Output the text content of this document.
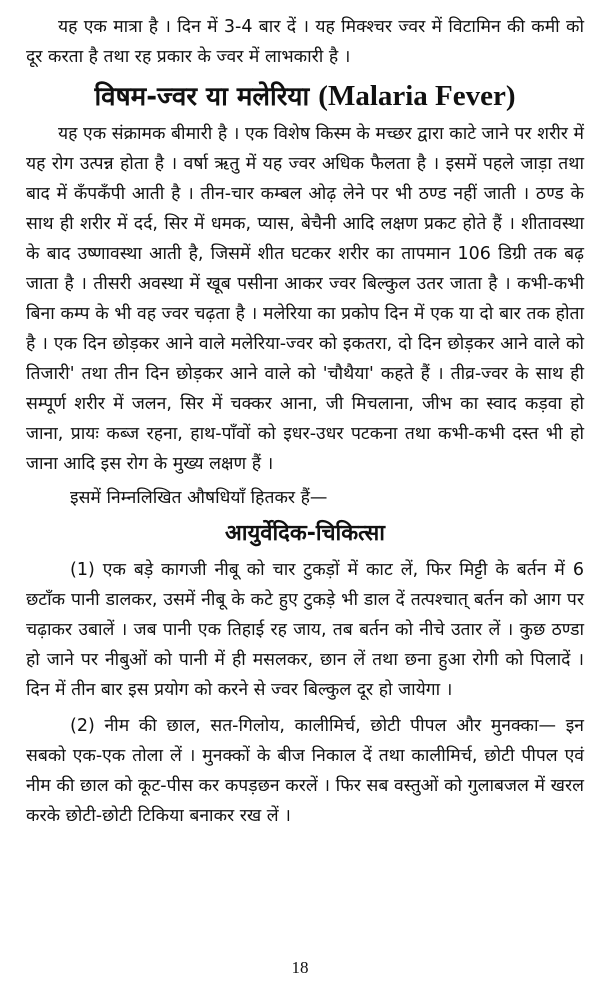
यह एक मात्रा है । दिन में 3-4 बार दें । यह मिक्श्चर ज्वर में विटामिन की कमी को दूर करता है तथा रह प्रकार के ज्वर में लाभकारी है ।

विषम-ज्वर या मलेरिया (Malaria Fever)

यह एक संक्रामक बीमारी है । एक विशेष किस्म के मच्छर द्वारा काटे जाने पर शरीर में यह रोग उत्पन्न होता है । वर्षा ऋतु में यह ज्वर अधिक फैलता है । इसमें पहले जाड़ा तथा बाद में कँपकँपी आती है । तीन-चार कम्बल ओढ़ लेने पर भी ठण्ड नहीं जाती । ठण्ड के साथ ही शरीर में दर्द, सिर में धमक, प्यास, बेचैनी आदि लक्षण प्रकट होते हैं । शीतावस्था के बाद उष्णावस्था आती है, जिसमें शीत घटकर शरीर का तापमान 106 डिग्री तक बढ़ जाता है । तीसरी अवस्था में खूब पसीना आकर ज्वर बिल्कुल उतर जाता है । कभी-कभी बिना कम्प के भी वह ज्वर चढ़ता है । मलेरिया का प्रकोप दिन में एक या दो बार तक होता है । एक दिन छोड़कर आने वाले मलेरिया-ज्वर को इकतरा, दो दिन छोड़कर आने वाले को तिजारी' तथा तीन दिन छोड़कर आने वाले को 'चौथैया' कहते हैं । तीव्र-ज्वर के साथ ही सम्पूर्ण शरीर में जलन, सिर में चक्कर आना, जी मिचलाना, जीभ का स्वाद कड़वा हो जाना, प्रायः कब्ज रहना, हाथ-पाँवों को इधर-उधर पटकना तथा कभी-कभी दस्त भी हो जाना आदि इस रोग के मुख्य लक्षण हैं ।

इसमें निम्नलिखित औषधियाँ हितकर हैं—

आयुर्वेदिक-चिकित्सा

(1) एक बड़े कागजी नीबू को चार टुकड़ों में काट लें, फिर मिट्टी के बर्तन में 6 छटाँक पानी डालकर, उसमें नीबू के कटे हुए टुकड़े भी डाल दें तत्पश्चात् बर्तन को आग पर चढ़ाकर उबालें । जब पानी एक तिहाई रह जाय, तब बर्तन को नीचे उतार लें । कुछ ठण्डा हो जाने पर नीबुओं को पानी में ही मसलकर, छान लें तथा छना हुआ रोगी को पिलादें । दिन में तीन बार इस प्रयोग को करने से ज्वर बिल्कुल दूर हो जायेगा ।

(2) नीम की छाल, सत-गिलोय, कालीमिर्च, छोटी पीपल और मुनक्का— इन सबको एक-एक तोला लें । मुनक्कों के बीज निकाल दें तथा कालीमिर्च, छोटी पीपल एवं नीम की छाल को कूट-पीस कर कपड़छन करलें । फिर सब वस्तुओं को गुलाबजल में खरल करके छोटी-छोटी टिकिया बनाकर रख लें ।

18
